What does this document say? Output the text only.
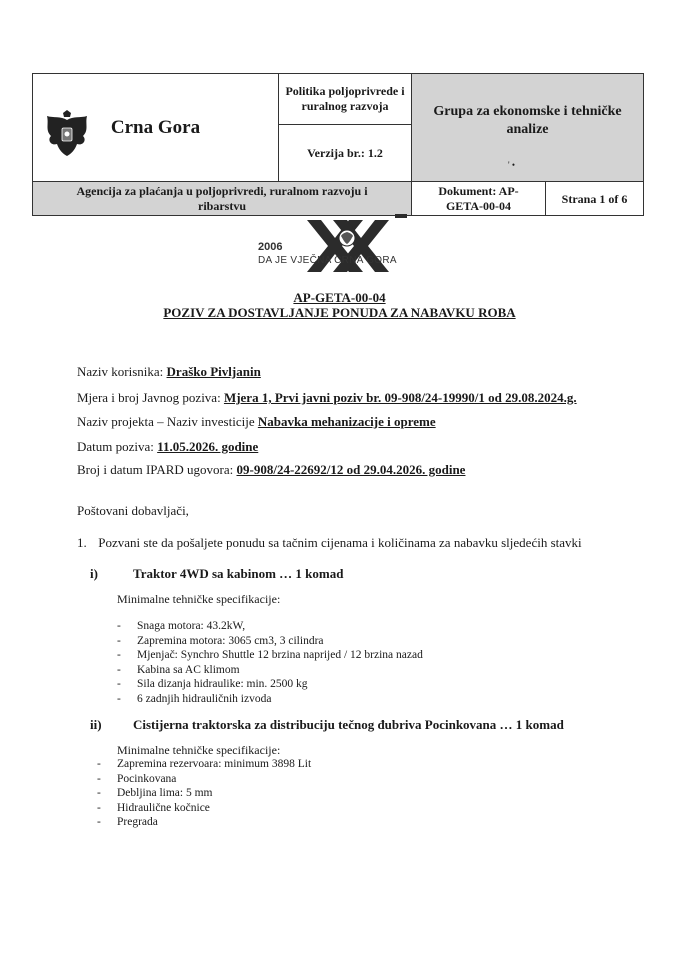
Crna Gora	Politika poljoprivrede i ruralnog razvoja	Grupa za ekonomske i tehničke analize	

	Verzija br.: 1.2		

Agencija za plaćanja u poljoprivredi, ruralnom razvoju i ribarstvu		Dokument: AP-GETA-00-04	Strana 1 of 6
' •
2006
DA JE VJEČNA CRNA GORA
AP-GETA-00-04
POZIV ZA DOSTAVLJANJE PONUDA ZA NABAVKU ROBA
Naziv korisnika: Draško Pivljanin
Mjera i broj Javnog poziva: Mjera 1, Prvi javni poziv br. 09-908/24-19990/1 od 29.08.2024.g.
Naziv projekta – Naziv investicije Nabavka mehanizacije i opreme
Datum poziva: 11.05.2026. godine
Broj i datum IPARD ugovora: 09-908/24-22692/12 od 29.04.2026. godine
Poštovani dobavljači,
1. Pozvani ste da pošaljete ponudu sa tačnim cijenama i količinama za nabavku sljedećih stavki
i)	Traktor 4WD sa kabinom … 1 komad
Minimalne tehničke specifikacije:
- Snaga motora: 43.2kW,
- Zapremina motora: 3065 cm3, 3 cilindra
- Mjenjač: Synchro Shuttle 12 brzina naprijed / 12 brzina nazad
- Kabina sa AC klimom
- Sila dizanja hidraulike: min. 2500 kg
- 6 zadnjih hidrauličnih izvoda
ii) Cistijerna traktorska za distribuciju tečnog đubriva Pocinkovana … 1 komad
Minimalne tehničke specifikacije:
- Zapremina rezervoara: minimum 3898 Lit
- Pocinkovana
- Debljina lima: 5 mm
- Hidraulične kočnice
- Pregrada
